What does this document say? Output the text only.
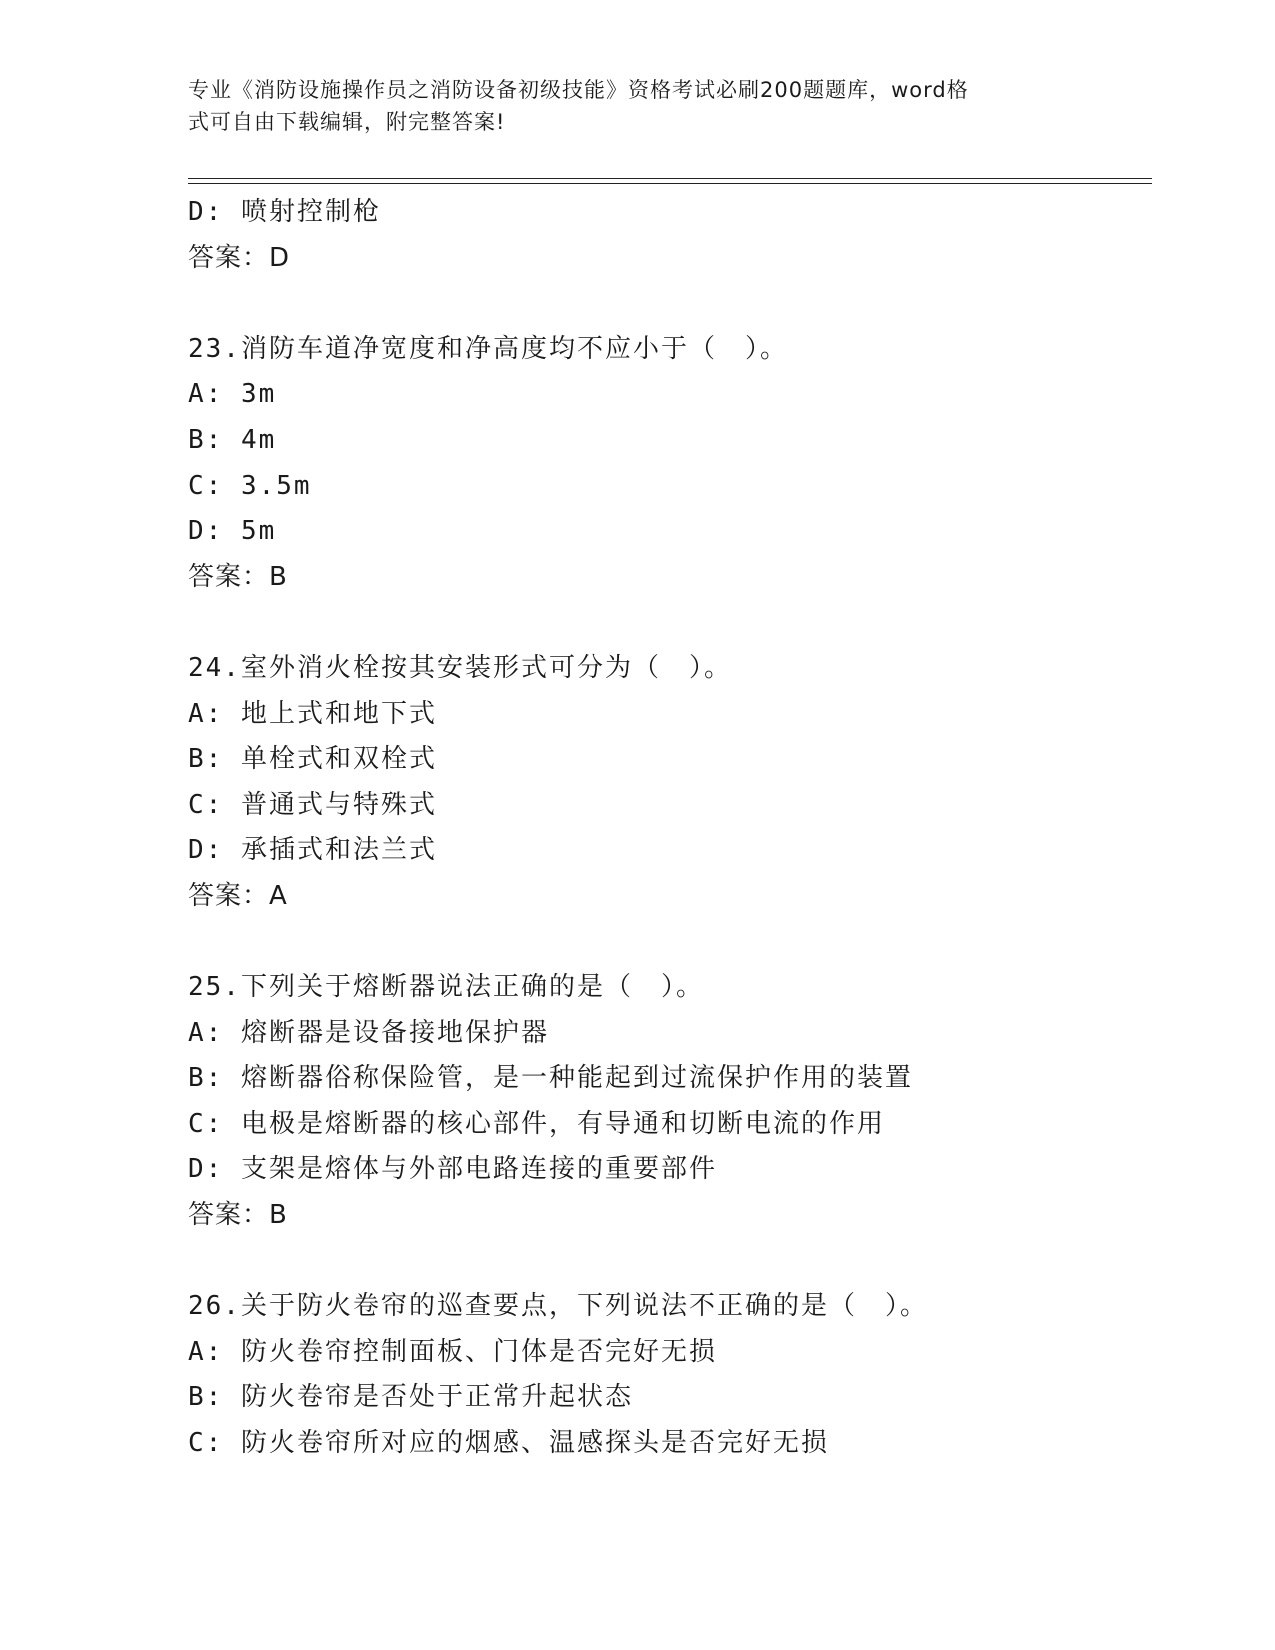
专业《消防设施操作员之消防设备初级技能》资格考试必刷200题题库，word格
式可自由下载编辑，附完整答案!
D: 喷射控制枪
答案：D
23.消防车道净宽度和净高度均不应小于（　）。
A: 3m
B: 4m
C: 3.5m
D: 5m
答案：B
24.室外消火栓按其安装形式可分为（　）。
A: 地上式和地下式
B: 单栓式和双栓式
C: 普通式与特殊式
D: 承插式和法兰式
答案：A
25.下列关于熔断器说法正确的是（　）。
A: 熔断器是设备接地保护器
B: 熔断器俗称保险管，是一种能起到过流保护作用的装置
C: 电极是熔断器的核心部件，有导通和切断电流的作用
D: 支架是熔体与外部电路连接的重要部件
答案：B
26.关于防火卷帘的巡查要点，下列说法不正确的是（　）。
A: 防火卷帘控制面板、门体是否完好无损
B: 防火卷帘是否处于正常升起状态
C: 防火卷帘所对应的烟感、温感探头是否完好无损
